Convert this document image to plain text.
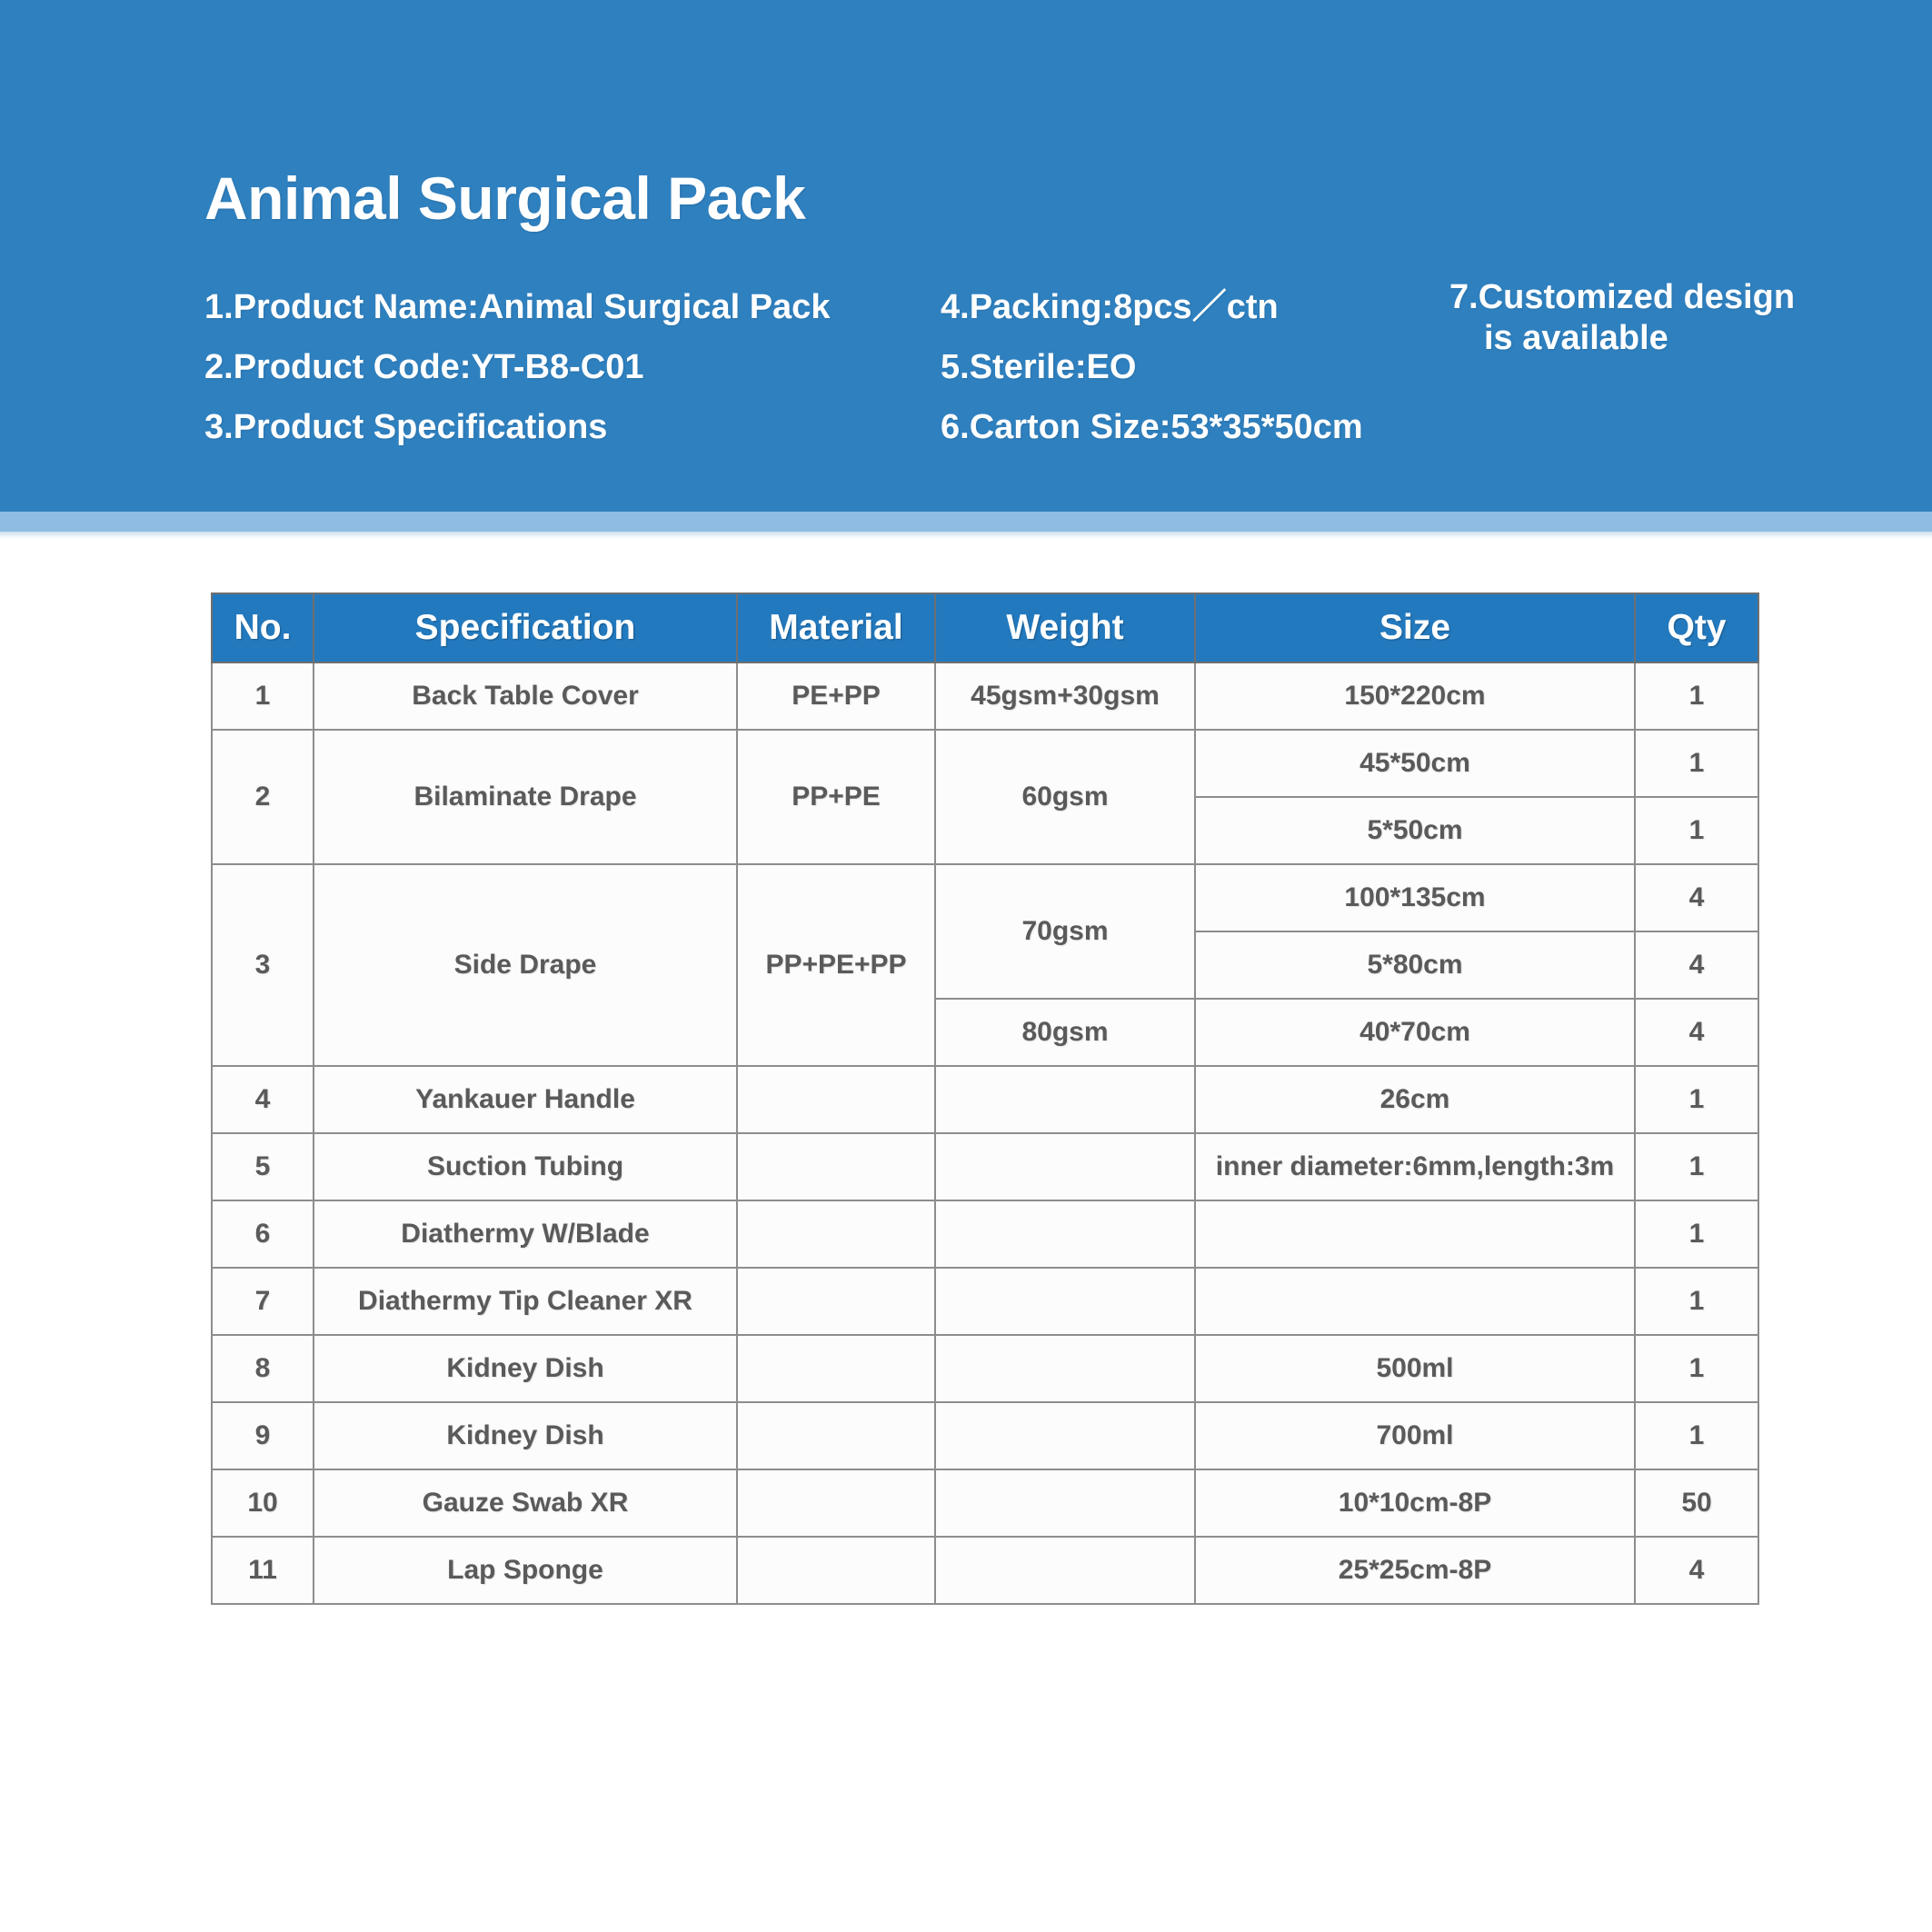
Animal Surgical Pack
1.Product Name:Animal Surgical Pack
2.Product Code:YT-B8-C01
3.Product Specifications
4.Packing:8pcs／ctn
5.Sterile:EO
6.Carton Size:53*35*50cm
7.Customized design
is available
No.	Specification	Material	Weight	Size	Qty
1	Back Table Cover	PE+PP	45gsm+30gsm	150*220cm	1
2	Bilaminate Drape	PP+PE	60gsm	45*50cm	1
				5*50cm	1
3	Side Drape	PP+PE+PP	70gsm	100*135cm	4
				5*80cm	4
			80gsm	40*70cm	4
4	Yankauer Handle			26cm	1
5	Suction Tubing			inner diameter:6mm,length:3m	1
6	Diathermy W/Blade				1
7	Diathermy Tip Cleaner XR				1
8	Kidney Dish			500ml	1
9	Kidney Dish			700ml	1
10	Gauze Swab XR			10*10cm-8P	50
11	Lap Sponge			25*25cm-8P	4
